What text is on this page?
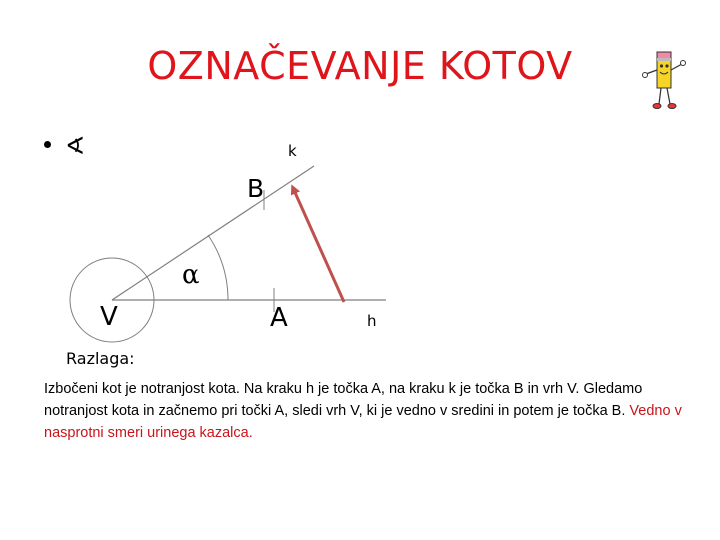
OZNAČEVANJE KOTOV
∢	k
B
α
V	A	h
Razlaga:
Izbočeni kot je notranjost kota. Na kraku h je točka A, na kraku k je točka B in vrh V. Gledamo notranjost kota in začnemo pri točki A, sledi vrh V, ki je vedno v sredini in potem je točka B. Vedno v nasprotni smeri urinega kazalca.
